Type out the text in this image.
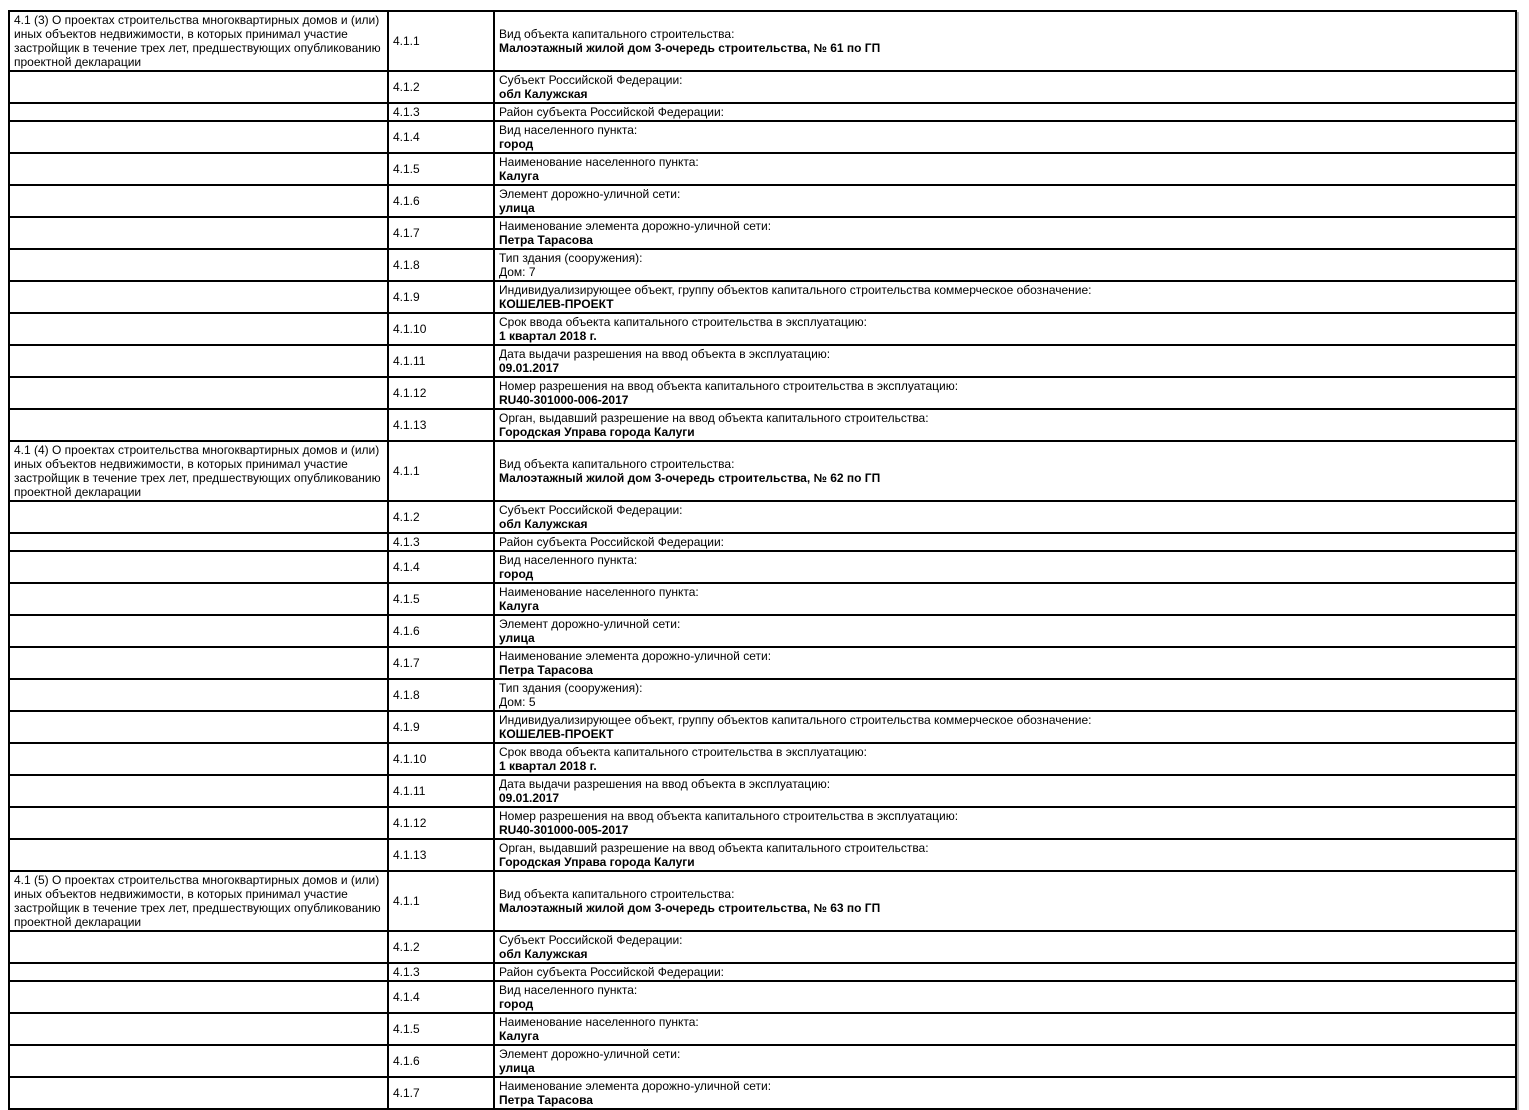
4.1 (3) О проектах строительства многоквартирных домов и (или) иных объектов недвижимости, в которых принимал участие застройщик в течение трех лет, предшествующих опубликованию проектной декларации	4.1.1	Вид объекта капитального строительства:
Малоэтажный жилой дом 3-очередь строительства, № 61 по ГП

	4.1.2	Субъект Российской Федерации:
обл Калужская

	4.1.3	Район субъекта Российской Федерации:

	4.1.4	Вид населенного пункта:
город

	4.1.5	Наименование населенного пункта:
Калуга

	4.1.6	Элемент дорожно-уличной сети:
улица

	4.1.7	Наименование элемента дорожно-уличной сети:
Петра Тарасова

	4.1.8	Тип здания (сооружения):
Дом: 7

	4.1.9	Индивидуализирующее объект, группу объектов капитального строительства коммерческое обозначение:
КОШЕЛЕВ-ПРОЕКТ

	4.1.10	Срок ввода объекта капитального строительства в эксплуатацию:
1 квартал 2018 г.

	4.1.11	Дата выдачи разрешения на ввод объекта в эксплуатацию:
09.01.2017

	4.1.12	Номер разрешения на ввод объекта капитального строительства в эксплуатацию:
RU40-301000-006-2017

	4.1.13	Орган, выдавший разрешение на ввод объекта капитального строительства:
Городская Управа города Калуги

4.1 (4) О проектах строительства многоквартирных домов и (или) иных объектов недвижимости, в которых принимал участие застройщик в течение трех лет, предшествующих опубликованию проектной декларации	4.1.1	Вид объекта капитального строительства:
Малоэтажный жилой дом 3-очередь строительства, № 62 по ГП

	4.1.2	Субъект Российской Федерации:
обл Калужская

	4.1.3	Район субъекта Российской Федерации:

	4.1.4	Вид населенного пункта:
город

	4.1.5	Наименование населенного пункта:
Калуга

	4.1.6	Элемент дорожно-уличной сети:
улица

	4.1.7	Наименование элемента дорожно-уличной сети:
Петра Тарасова

	4.1.8	Тип здания (сооружения):
Дом: 5

	4.1.9	Индивидуализирующее объект, группу объектов капитального строительства коммерческое обозначение:
КОШЕЛЕВ-ПРОЕКТ

	4.1.10	Срок ввода объекта капитального строительства в эксплуатацию:
1 квартал 2018 г.

	4.1.11	Дата выдачи разрешения на ввод объекта в эксплуатацию:
09.01.2017

	4.1.12	Номер разрешения на ввод объекта капитального строительства в эксплуатацию:
RU40-301000-005-2017

	4.1.13	Орган, выдавший разрешение на ввод объекта капитального строительства:
Городская Управа города Калуги

4.1 (5) О проектах строительства многоквартирных домов и (или) иных объектов недвижимости, в которых принимал участие застройщик в течение трех лет, предшествующих опубликованию проектной декларации	4.1.1	Вид объекта капитального строительства:
Малоэтажный жилой дом 3-очередь строительства, № 63 по ГП

	4.1.2	Субъект Российской Федерации:
обл Калужская

	4.1.3	Район субъекта Российской Федерации:

	4.1.4	Вид населенного пункта:
город

	4.1.5	Наименование населенного пункта:
Калуга

	4.1.6	Элемент дорожно-уличной сети:
улица

	4.1.7	Наименование элемента дорожно-уличной сети:
Петра Тарасова
